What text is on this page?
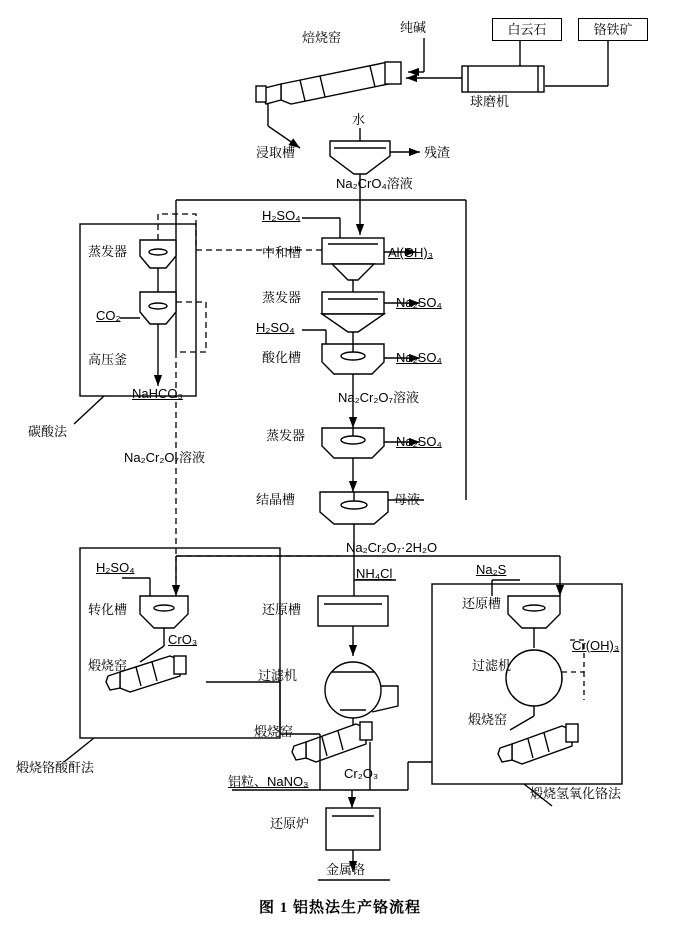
纯碱	白云石	铬铁矿
焙烧窑
球磨机
水
浸取槽	残渣
Na₂CrO₄溶液
H₂SO₄
中和槽	Al(OH)₃
蒸发器	Na₂SO₄
H₂SO₄
酸化槽	Na₂SO₄
Na₂Cr₂O₇溶液
蒸发器	Na₂SO₄
结晶槽	母液
Na₂Cr₂O₇·2H₂O
蒸发器
CO₂
高压釜
NaHCO₃
碳酸法
Na₂Cr₂O₇溶液
H₂SO₄
转化槽
CrO₃
煅烧窑
煅烧铬酸酐法
NH₄Cl
还原槽
过滤机
煅烧窑
Cr₂O₃
Na₂S
还原槽
过滤机
Cr(OH)₃
煅烧窑
煅烧氢氧化铬法
铝粒、NaNO₃
还原炉
金属铬
图 1 铝热法生产铬流程
